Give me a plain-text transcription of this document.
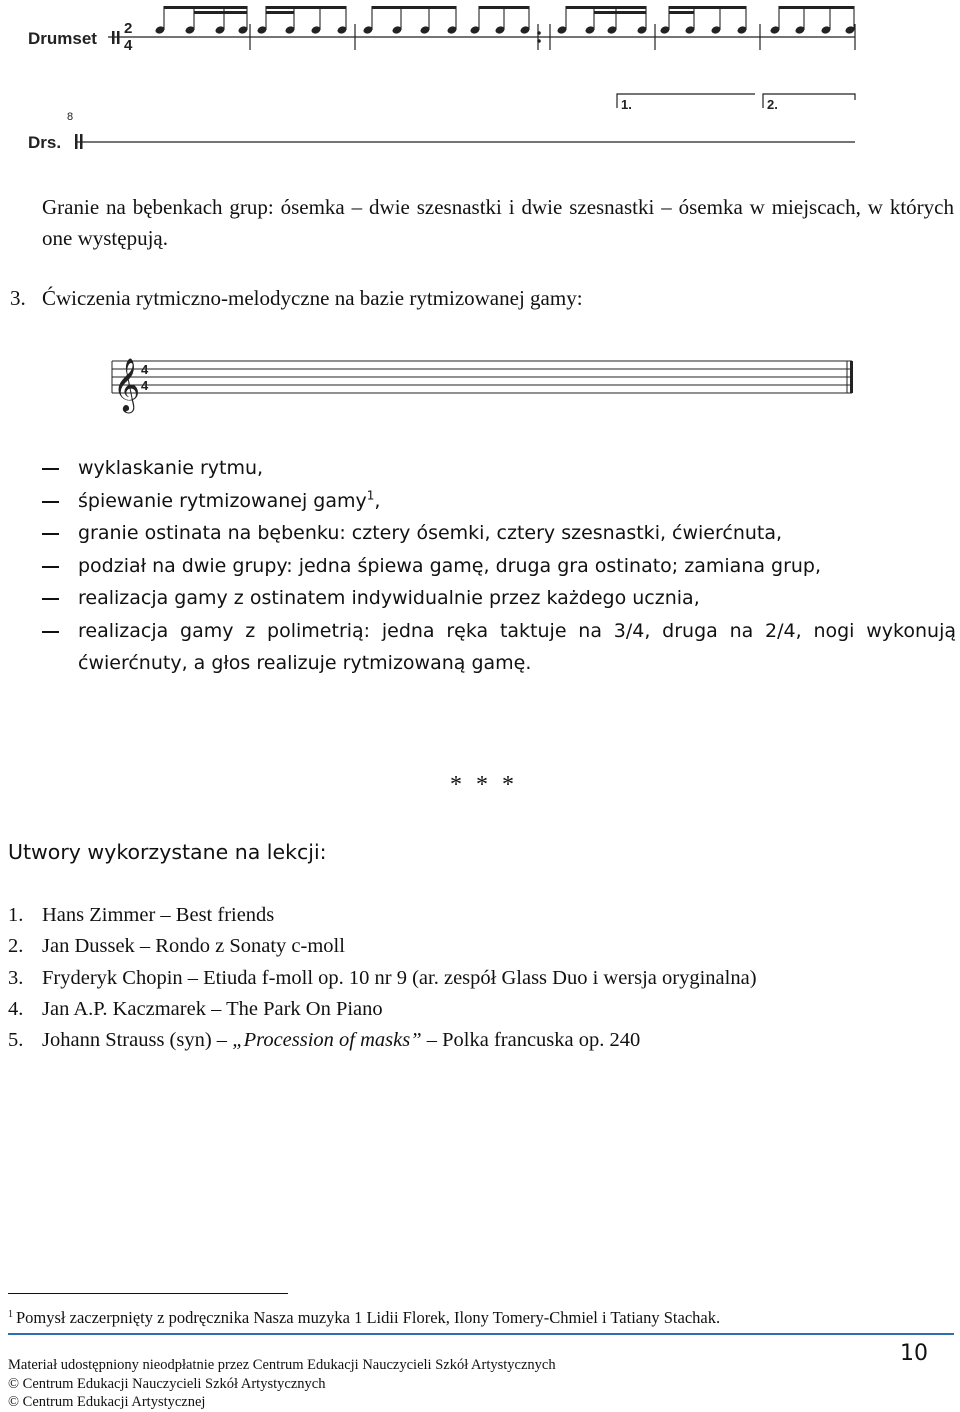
Drumset
2
4
Drs.
8
1.	2.
Granie na bębenkach grup: ósemka – dwie szesnastki i dwie szesnastki – ósemka w miejscach, w których one występują.
3. Ćwiczenia rytmiczno-melodyczne na bazie rytmizowanej gamy:
𝄞 4
4
wyklaskanie rytmu,
śpiewanie rytmizowanej gamy$^1$,
granie ostinata na bębenku: cztery ósemki, cztery szesnastki, ćwierćnuta,
podział na dwie grupy: jedna śpiewa gamę, druga gra ostinato; zamiana grup,
realizacja gamy z ostinatem indywidualnie przez każdego ucznia,
realizacja gamy z polimetrią: jedna ręka taktuje na 3/4, druga na 2/4, nogi wykonują ćwierćnuty, a głos realizuje rytmizowaną gamę.
* * *
Utwory wykorzystane na lekcji:
1. Hans Zimmer – Best friends
2. Jan Dussek – Rondo z Sonaty c-moll
3. Fryderyk Chopin – Etiuda f-moll op. 10 nr 9 (ar. zespół Glass Duo i wersja oryginalna)
4. Jan A.P. Kaczmarek – The Park On Piano
5. Johann Strauss (syn) – „Procession of masks” – Polka francuska op. 240
$^1$ Pomysł zaczerpnięty z podręcznika Nasza muzyka 1 Lidii Florek, Ilony Tomery-Chmiel i Tatiany Stachak.
Materiał udostępniony nieodpłatnie przez Centrum Edukacji Nauczycieli Szkół Artystycznych
© Centrum Edukacji Nauczycieli Szkół Artystycznych
© Centrum Edukacji Artystycznej
10
